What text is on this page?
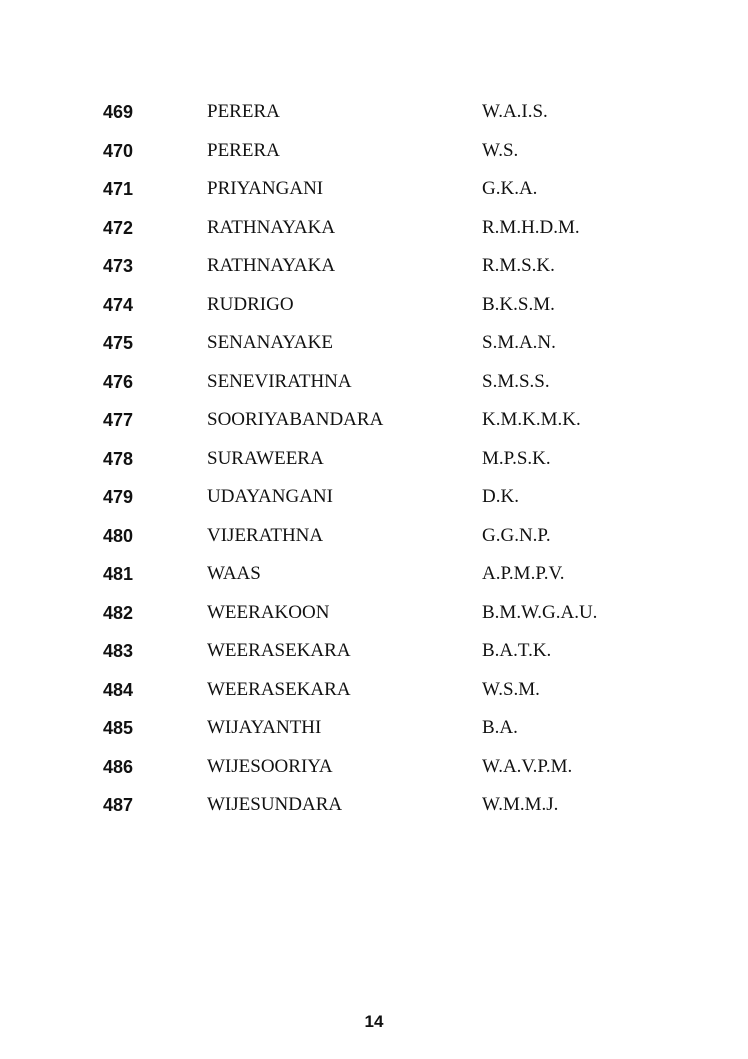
469	PERERA	W.A.I.S.
470	PERERA	W.S.
471	PRIYANGANI	G.K.A.
472	RATHNAYAKA	R.M.H.D.M.
473	RATHNAYAKA	R.M.S.K.
474	RUDRIGO	B.K.S.M.
475	SENANAYAKE	S.M.A.N.
476	SENEVIRATHNA	S.M.S.S.
477	SOORIYABANDARA	K.M.K.M.K.
478	SURAWEERA	M.P.S.K.
479	UDAYANGANI	D.K.
480	VIJERATHNA	G.G.N.P.
481	WAAS	A.P.M.P.V.
482	WEERAKOON	B.M.W.G.A.U.
483	WEERASEKARA	B.A.T.K.
484	WEERASEKARA	W.S.M.
485	WIJAYANTHI	B.A.
486	WIJESOORIYA	W.A.V.P.M.
487	WIJESUNDARA	W.M.M.J.
14
